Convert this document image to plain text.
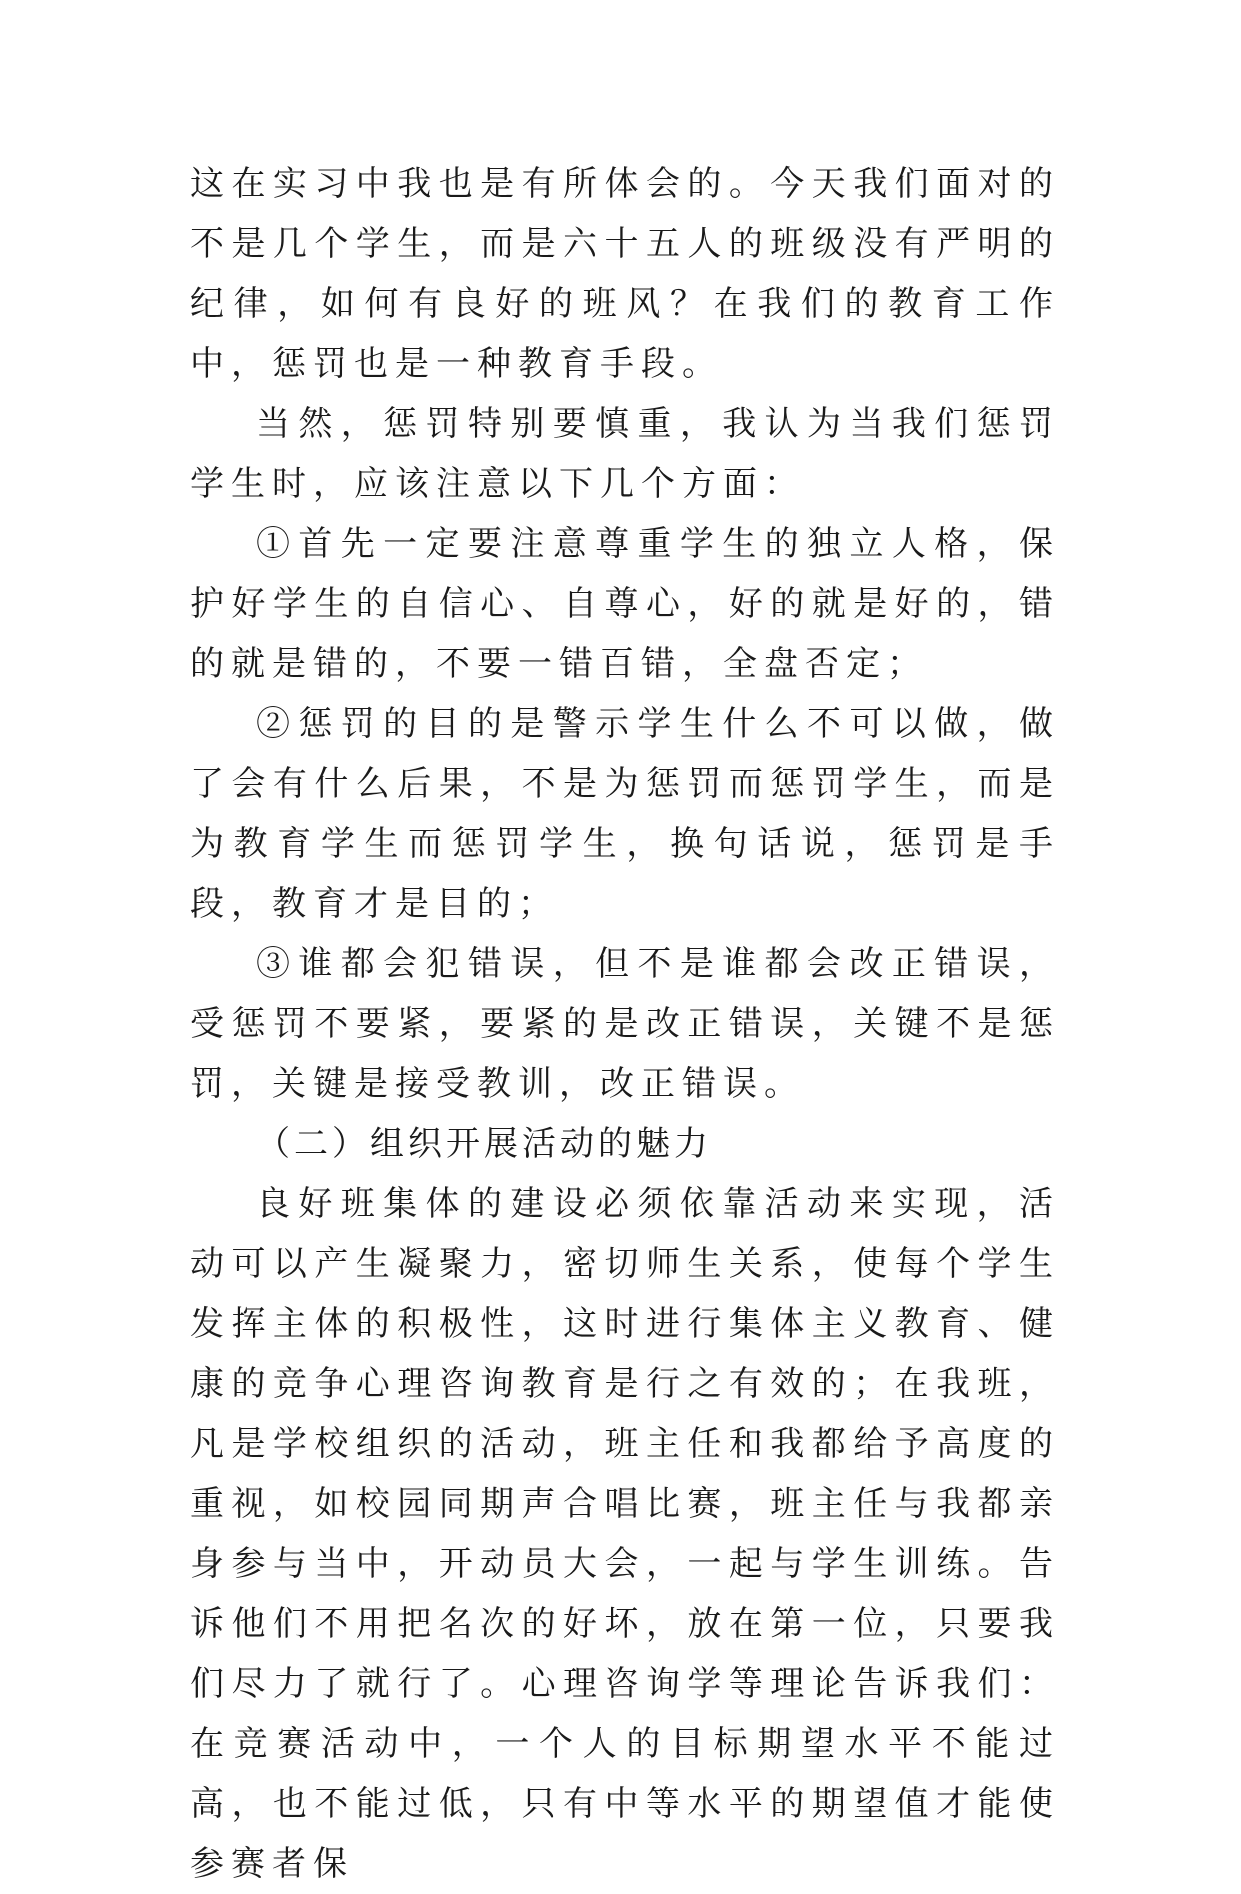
这在实习中我也是有所体会的。今天我们面对的不是几个学生，而是六十五人的班级没有严明的纪律，如何有良好的班风？在我们的教育工作中，惩罚也是一种教育手段。

当然，惩罚特别要慎重，我认为当我们惩罚学生时，应该注意以下几个方面：

①首先一定要注意尊重学生的独立人格，保护好学生的自信心、自尊心，好的就是好的，错的就是错的，不要一错百错，全盘否定；

②惩罚的目的是警示学生什么不可以做，做了会有什么后果，不是为惩罚而惩罚学生，而是为教育学生而惩罚学生，换句话说，惩罚是手段，教育才是目的；

③谁都会犯错误，但不是谁都会改正错误，受惩罚不要紧，要紧的是改正错误，关键不是惩罚，关键是接受教训，改正错误。

（二）组织开展活动的魅力

良好班集体的建设必须依靠活动来实现，活动可以产生凝聚力，密切师生关系，使每个学生发挥主体的积极性，这时进行集体主义教育、健康的竞争心理咨询教育是行之有效的；在我班，凡是学校组织的活动，班主任和我都给予高度的重视，如校园同期声合唱比赛，班主任与我都亲身参与当中，开动员大会，一起与学生训练。告诉他们不用把名次的好坏，放在第一位，只要我们尽力了就行了。心理咨询学等理论告诉我们：在竞赛活动中，一个人的目标期望水平不能过高，也不能过低，只有中等水平的期望值才能使参赛者保
